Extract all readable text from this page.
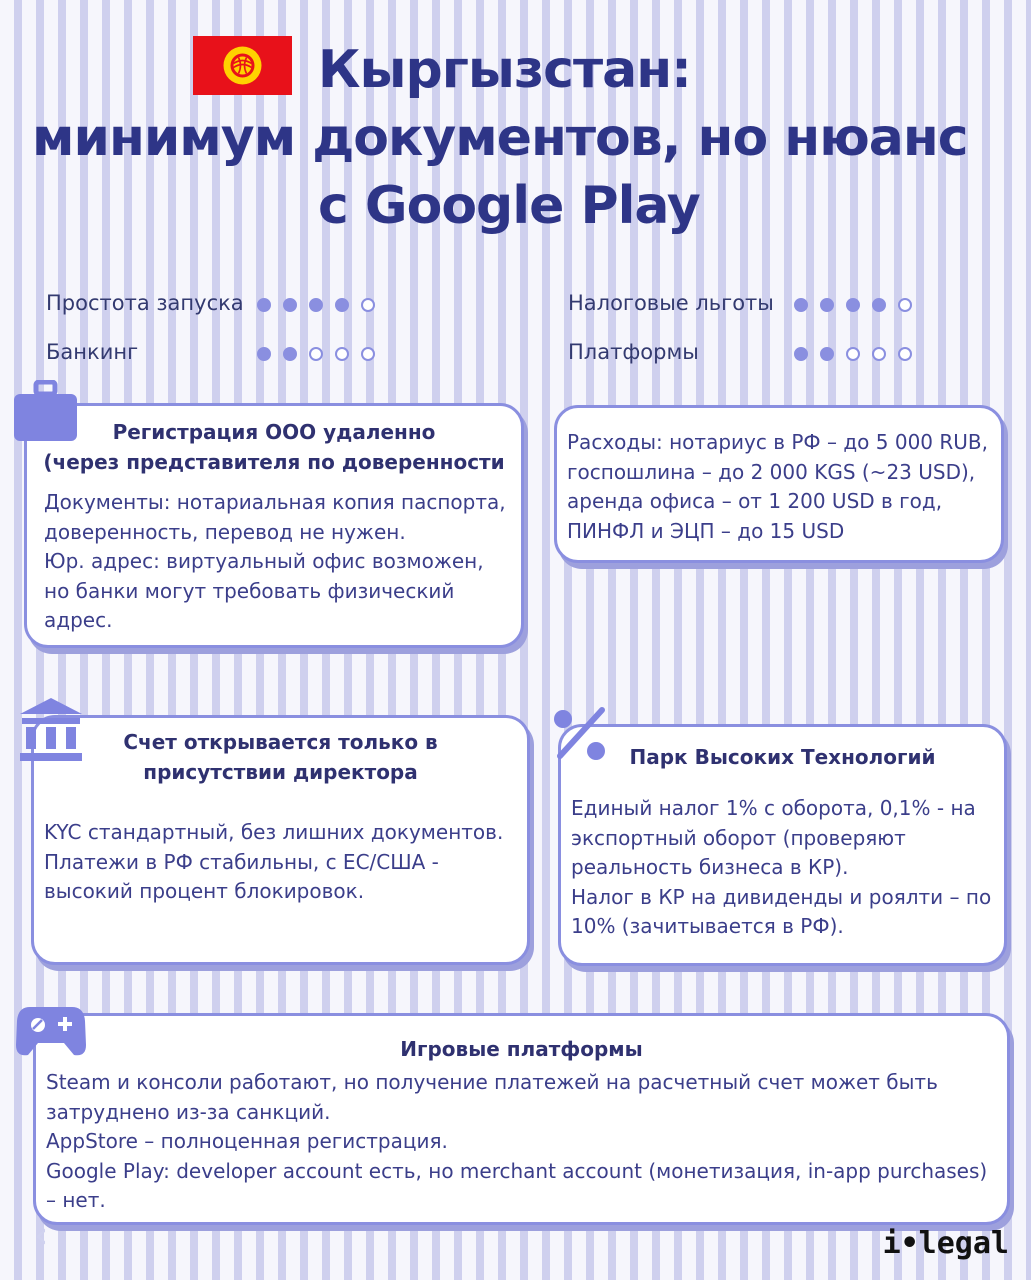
Кыргызстан:
минимум документов, но нюанс
с Google Play
Простота запуска
Банкинг
Налоговые льготы
Платформы
Регистрация ООО удаленно
(через представителя по доверенности
Документы: нотариальная копия паспорта,
доверенность, перевод не нужен.
Юр. адрес: виртуальный офис возможен,
но банки могут требовать физический
адрес.
Расходы: нотариус в РФ – до 5 000 RUB,
госпошлина – до 2 000 KGS (~23 USD),
аренда офиса – от 1 200 USD в год,
ПИНФЛ и ЭЦП – до 15 USD
Счет открывается только в
присутствии директора
KYC стандартный, без лишних документов.
Платежи в РФ стабильны, с ЕС/США -
высокий процент блокировок.
Парк Высоких Технологий
Единый налог 1% с оборота, 0,1% - на
экспортный оборот (проверяют
реальность бизнеса в КР).
Налог в КР на дивиденды и роялти – по
10% (зачитывается в РФ).
Игровые платформы
Steam и консоли работают, но получение платежей на расчетный счет может быть
затруднено из-за санкций.
AppStore – полноценная регистрация.
Google Play: developer account есть, но merchant account (монетизация, in-app purchases)
– нет.
‹	i•legal
